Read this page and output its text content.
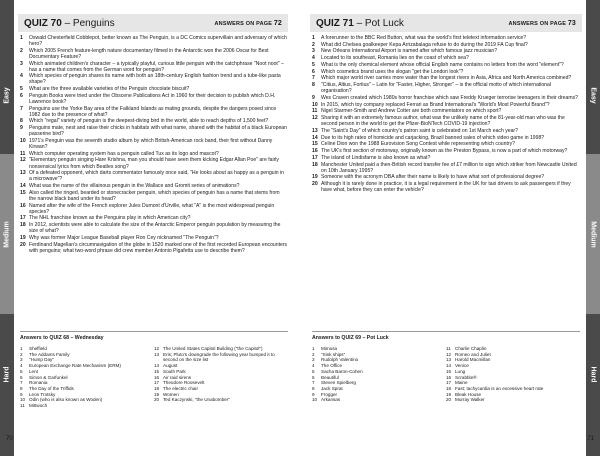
Easy
Medium
Hard
QUIZ 70 – Penguins	ANSWERS ON PAGE 72
1	Oswald Chesterfield Cobblepot, better known as The Penguin, is a DC Comics supervillain and adversary of which hero?
2	Which 2005 French feature-length nature documentary filmed in the Antarctic won the 2006 Oscar for Best Documentary Feature?
3	Which animated children's character – a typically playful, curious little penguin with the catchphrase "Noot noot" – has a name that comes from the German word for penguin?
4	Which species of penguin shares its name with both an 18th-century English fashion trend and a tube-like pasta shape?
5	What are the three available varieties of the Penguin chocolate biscuit?
6	Penguin Books were tried under the Obscene Publications Act in 1960 for their decision to publish which D.H. Lawrence book?
7	Penguins use the Yorke Bay area of the Falkland Islands as mating grounds, despite the dangers posed since 1982 due to the presence of what?
8	Which "regal" variety of penguin is the deepest-diving bird in the world, able to reach depths of 1,500 feet?
9	Penguins mate, nest and raise their chicks in habitats with what name, shared with the habitat of a black European passerine bird?
10 1971's Penguin was the seventh studio album by which British-American rock band, their first without Danny Kirwan?
11 Which computer operating system has a penguin called Tux as its logo and mascot?
12 "Elementary penguin singing Hare Krishna, man you should have seen them kicking Edgar Allan Poe" are fairly nonsensical lyrics from which Beatles song?
13 Of a defeated opponent, which darts commentator famously once said, "He looks about as happy as a penguin in a microwave"?
14 What was the name of the villainous penguin in the Wallace and Gromit series of animations?
15 Also called the ringed, bearded or stonecracker penguin, which species of penguin has a name that stems from the narrow black band under its head?
16 Named after the wife of the French explorer Jules Dumont d'Urville, what "A" is the most widespread penguin species?
17 The NHL franchise known as the Penguins play in which American city?
18 In 2012, scientists were able to calculate the size of the Antarctic Emperor penguin population by measuring the size of what?
19 Why was former Major League Baseball player Ron Cey nicknamed "The Penguin"?
20 Ferdinand Magellan's circumnavigation of the globe in 1520 marked one of the first recorded European encounters with penguins; what two-word phrase did crew member Antonio Pigafetta use to describe them?
Answers to QUIZ 68 – Wednesday
1	Sheffield
2	The Addams Family
3	"Hump Day"
4	European Exchange Rate Mechanism (ERM)
5	Lent
6	Simon & Garfunkel
7	Romania
8	The Day of the Triffids
9	Leon Trotsky
10 Odin (who is also known as Woden)
11 Mittwoch
12 The United States Capitol Building ("the Capitol")
13 Eris; Pluto's downgrade the following year bumped it to second on the size list
14 August
15 South Park
16 Air raid sirens
17 Theodore Roosevelt
18 The electric chair
19 Women
20 Ted Kaczynski, "the Unabomber"
70
Easy
Medium
Hard
QUIZ 71 – Pot Luck	ANSWERS ON PAGE 73
1	A forerunner to the BBC Red Button, what was the world's first teletext information service?
2	What did Chelsea goalkeeper Kepa Arrizabalaga refuse to do during the 2019 FA Cup final?
3	New Orleans International Airport is named after which famous jazz musician?
4	Located to its southeast, Romania lies on the coast of which sea?
5	What is the only chemical element whose official English name contains no letters from the word "element"?
6	Which cosmetics brand uses the slogan "get the London look"?
7	Which major world river carries more water than the longest rivers in Asia, Africa and North America combined?
8	"Citius, Altius, Fortius" – Latin for "Faster, Higher, Stronger" – is the official motto of which international organisation?
9	Wes Craven created which 1980s horror franchise which saw Freddy Krueger terrorise teenagers in their dreams?
10 In 2015, which toy company replaced Ferrari as Brand International's "World's Most Powerful Brand"?
11 Nigel Starmer-Smith and Andrew Cotter are both commentators on which sport?
12 Sharing it with an extremely famous author, what was the unlikely name of the 81-year-old man who was the second person in the world to get the Pfizer-BioNTech COVID-19 injection?
13 The "Saint's Day" of which country's patron saint is celebrated on 1st March each year?
14 Due to its high rates of homicide and carjacking, Brazil banned sales of which video game in 1998?
15 Celine Dion won the 1988 Eurovision Song Contest while representing which country?
16 The UK's first section of motorway, originally known as the Preston Bypass, is now a part of which motorway?
17 The island of Lindisfarne is also known as what?
18 Manchester United paid a then-British record transfer fee of £7 million to sign which striker from Newcastle United on 10th January 1995?
19 Someone with the acronym DBA after their name is likely to have what sort of professional degree?
20 Although it is rarely done in practice, it is a legal requirement in the UK for taxi drivers to ask passengers if they have what, before they can enter the vehicle?
Answers to QUIZ 69 – Pot Luck
1	Mimosa
2	"Sink ships"
3	Rudolph Valentino
4	The Office
5	Sacha Baron-Cohen
6	Beautiful
7	Steven Spielberg
8	Jack Sprat
9	Frogger
10 Arkansas
11 Charlie Chaplin
12 Romeo and Juliet
13 Harold Macmillan
14 Venice
15 Lung
16 Scrabble®
17 Maine
18 Fast; tachycardia is an excessive heart rate
19 Bleak House
20 Murray Walker
71
